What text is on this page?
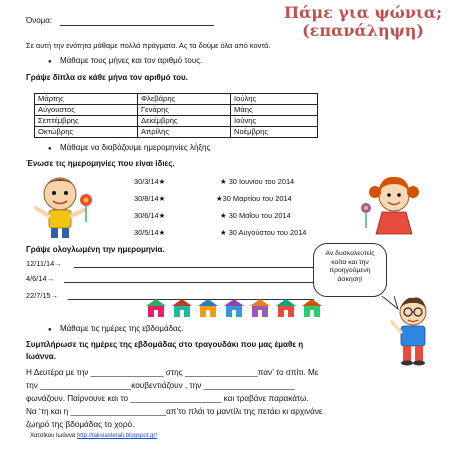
Όνομα:	Πάμε για ψώνια;
(επανάληψη)
Σε αυτή την ενότητα μάθαμε πολλά πράγματα. Ας τα δούμε όλα από κοντά.
Μάθαμε τους μήνες και τον αριθμό τους.
Γράψε δίπλα σε κάθε μήνα τον αριθμό του.
Μάρτης	Φλεβάρης	Ιούλης
Αύγουστος	Γενάρης	Μάης
Σεπτέμβρης	Δεκέμβρης	Ιούνης
Οκτώβρης	Απρίλης	Νοέμβρης
Μάθαμε να διαβάζουμε ημερομηνίες λήξης
Ένωσε τις ημερομηνίες που είναι ίδιες.
30/3/14★
30/8/14★
30/6/14★
30/5/14★
★ 30 Ιουνίου του 2014
★30 Μαρτίου του 2014
★ 30 Μαΐου του 2014
★ 30 Αυγούστου του 2014
Γράψε ολογλωμένη την ημερομηνία.
12/11/14→
4/6/14→
22/7/15→
Αν δυσκολευτείς
κοίτα και την
προηγούμενη
άσκηση!
Μάθαμε τις ημέρες της εβδομάδας.
Συμπλήρωσε τις ημέρες της εβδομάδας στο τραγουδάκι που μας έμαθε η
Ιωάννα.
Η Δευτέρα με την ________________ στης ________________παν’ το σπίτι. Με
την ____________________κουβεντιάζουν , την ____________________
φωνάζουν. Παίρνουνε και το ____________________ και τραβάνε παρακάτω.
Να ‘τη και η _____________________απ’το πλάι το μαντίλι της πετάει κι αρχινάνε
ζωηρό της βδομάδας το χορό.
Χατσίκου Ιωάννα http://taksiasterati.blogspot.gr/
